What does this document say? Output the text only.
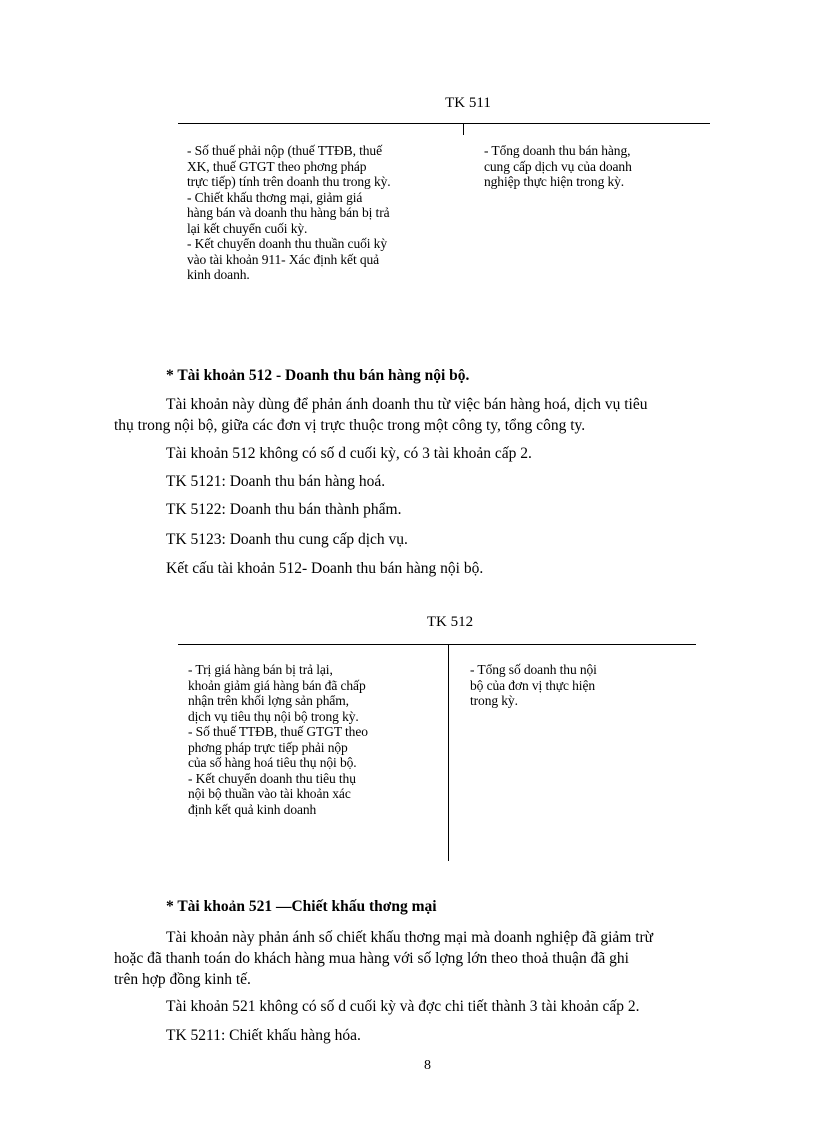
TK 511
- Số thuế phải nộp (thuế TTĐB, thuế
XK, thuế GTGT theo phơng pháp
trực tiếp) tính trên doanh thu trong kỳ.
- Chiết khấu thơng mại, giảm giá
hàng bán và doanh thu hàng bán bị trả
lại kết chuyển cuối kỳ.
- Kết chuyển doanh thu thuần cuối kỳ
vào tài khoản 911- Xác định kết quả
kinh doanh.
- Tổng doanh thu bán hàng,
cung cấp dịch vụ của doanh
nghiệp thực hiện trong kỳ.
* Tài khoản 512 - Doanh thu bán hàng nội bộ.
Tài khoản này dùng để phản ánh doanh thu từ việc bán hàng hoá, dịch vụ tiêu
thụ trong nội bộ, giữa các đơn vị trực thuộc trong một công ty, tổng công ty.
Tài khoản 512 không có số d cuối kỳ, có 3 tài khoản cấp 2.
TK 5121: Doanh thu bán hàng hoá.
TK 5122: Doanh thu bán thành phẩm.
TK 5123: Doanh thu cung cấp dịch vụ.
Kết cấu tài khoản 512- Doanh thu bán hàng nội bộ.
TK 512
- Trị giá hàng bán bị trả lại,
khoản giảm giá hàng bán đã chấp
nhận trên khối lợng sản phẩm,
dịch vụ tiêu thụ nội bộ trong kỳ.
- Số thuế TTĐB, thuế GTGT theo
phơng pháp trực tiếp phải nộp
của số hàng hoá tiêu thụ nội bộ.
- Kết chuyển doanh thu tiêu thụ
nội bộ thuần vào tài khoản xác
định kết quả kinh doanh
- Tổng số doanh thu nội
bộ của đơn vị thực hiện
trong kỳ.
* Tài khoản 521 —Chiết khấu thơng mại
Tài khoản này phản ánh số chiết khấu thơng mại mà doanh nghiệp đã giảm trừ
hoặc đã thanh toán do khách hàng mua hàng với số lợng lớn theo thoả thuận đã ghi
trên hợp đồng kinh tế.
Tài khoản 521 không có số d cuối kỳ và đợc chi tiết thành 3 tài khoản cấp 2.
TK 5211: Chiết khấu hàng hóa.
8
